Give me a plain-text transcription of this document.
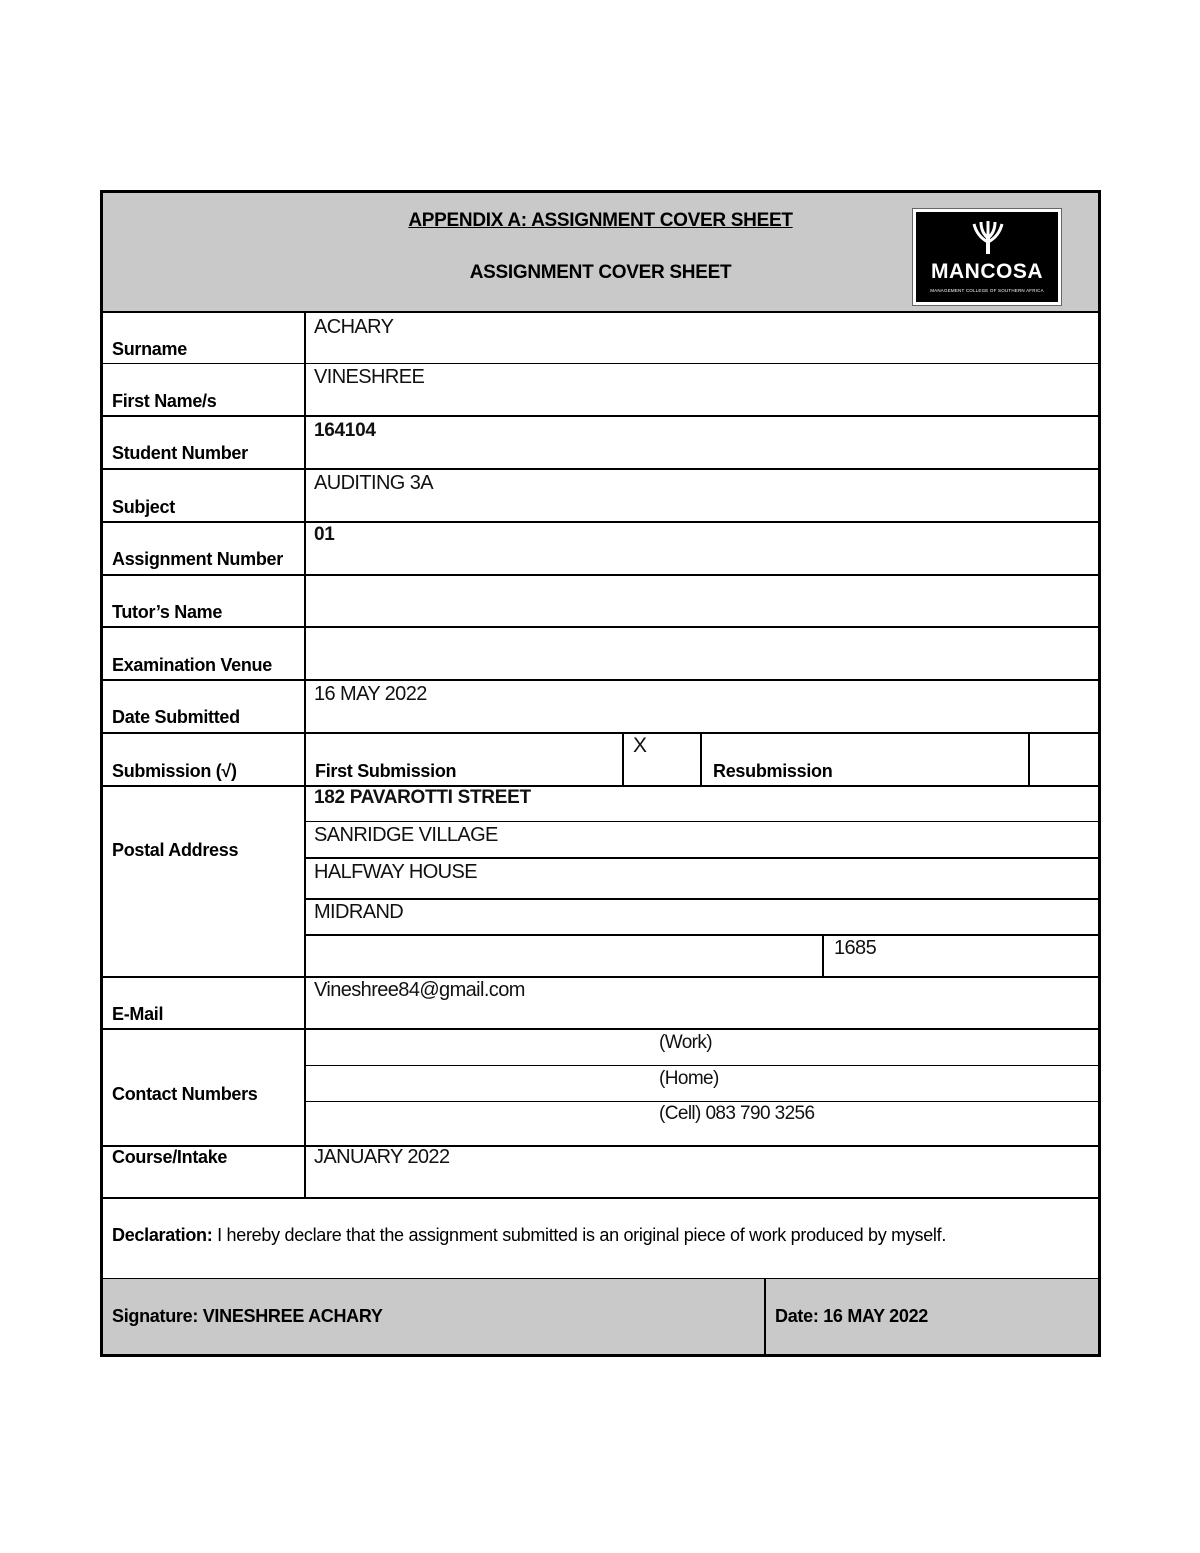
APPENDIX A: ASSIGNMENT COVER SHEET
ASSIGNMENT COVER SHEET	MANCOSA
MANAGEMENT COLLEGE OF SOUTHERN AFRICA
Surname
First Name/s
Student Number
Subject
Assignment Number
Tutor’s Name
Examination Venue
Date Submitted
Submission (√)
Postal Address
E-Mail
Contact Numbers
Course/Intake
ACHARY
VINESHREE
164104
AUDITING 3A
01
16 MAY 2022
First Submission
X
Resubmission
182 PAVAROTTI STREET
SANRIDGE VILLAGE
HALFWAY HOUSE
MIDRAND
1685
Vineshree84@gmail.com
(Work)
(Home)
(Cell) 083 790 3256
JANUARY 2022
Declaration: I hereby declare that the assignment submitted is an original piece of work produced by myself.
Signature: VINESHREE ACHARY	Date: 16 MAY 2022
